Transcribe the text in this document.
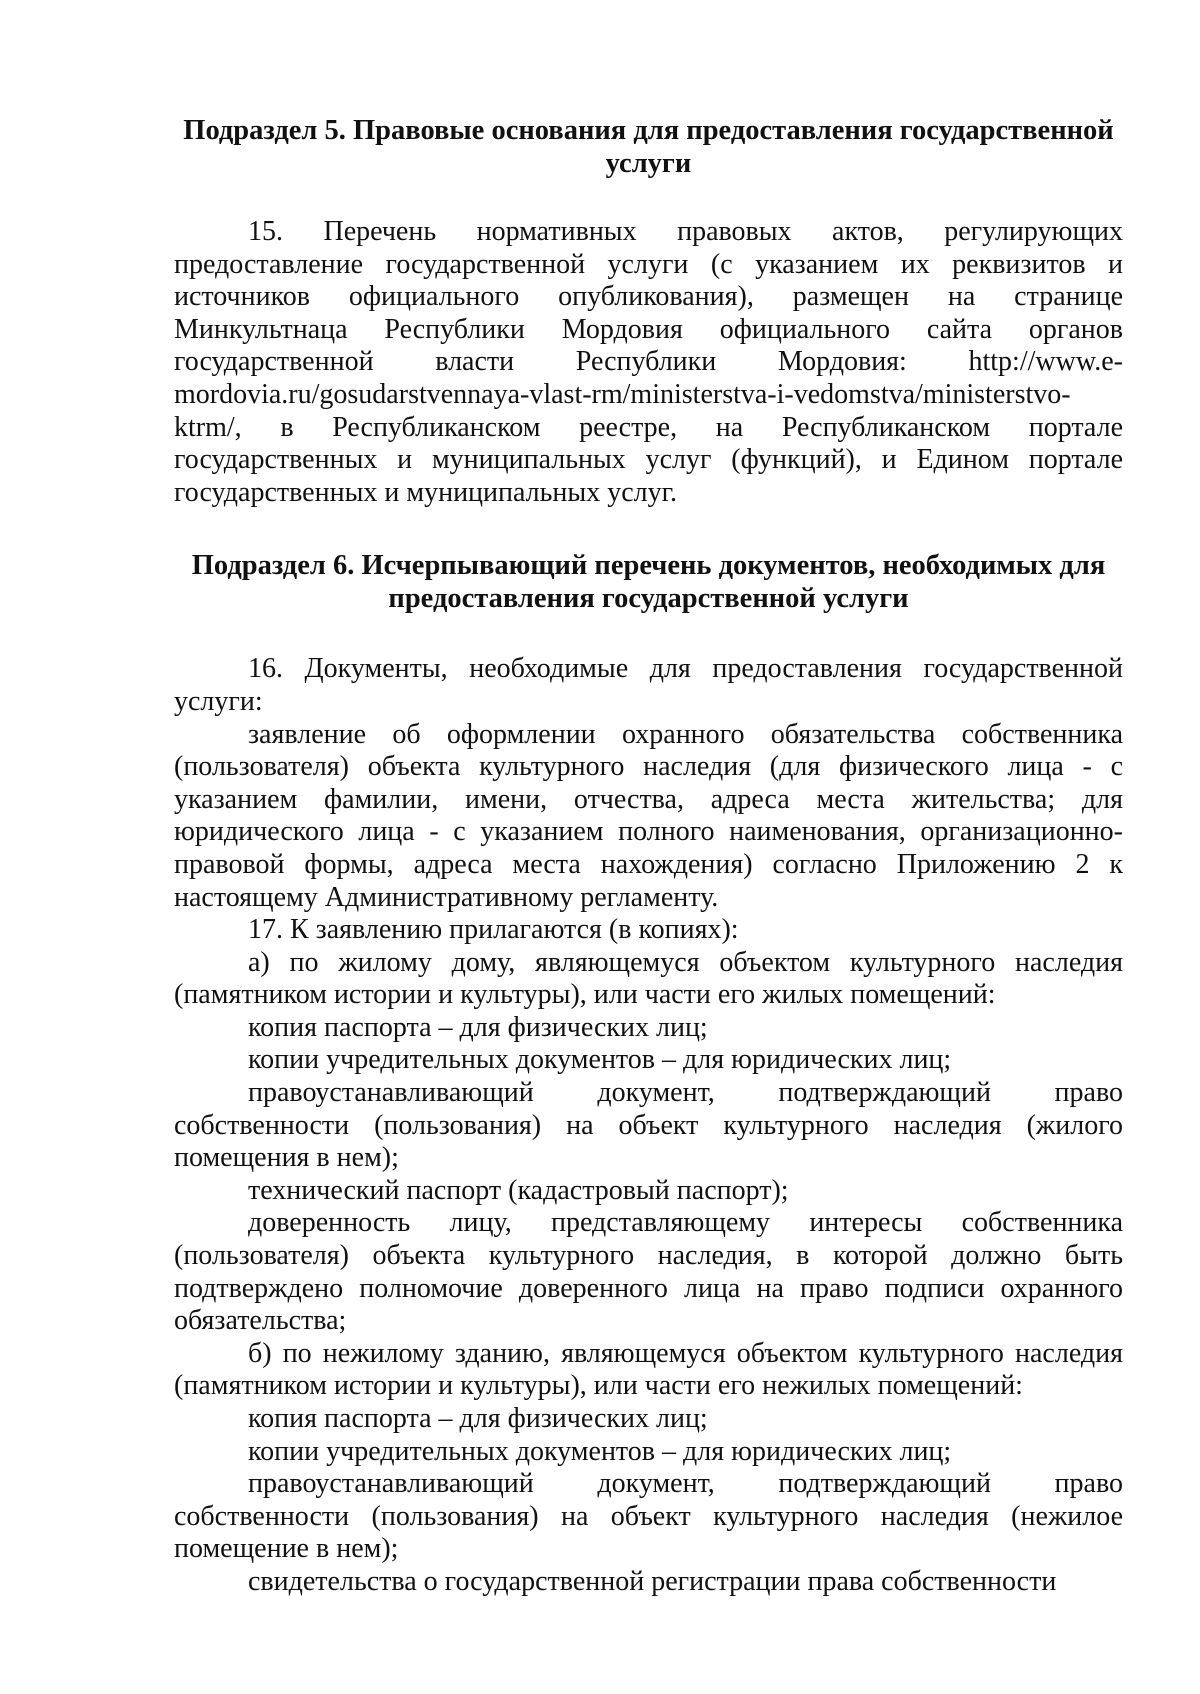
Подраздел 5. Правовые основания для предоставления государственной услуги

15. Перечень нормативных правовых актов, регулирующих предоставление государственной услуги (с указанием их реквизитов и источников официального опубликования), размещен на странице Минкультнаца Республики Мордовия официального сайта органов государственной власти Республики Мордовия: http://www.e-mordovia.ru/gosudarstvennaya-vlast-rm/ministerstva-i-vedomstva/ministerstvo-ktrm/, в Республиканском реестре, на Республиканском портале государственных и муниципальных услуг (функций), и Едином портале государственных и муниципальных услуг.

Подраздел 6. Исчерпывающий перечень документов, необходимых для предоставления государственной услуги

16. Документы, необходимые для предоставления государственной услуги:

заявление об оформлении охранного обязательства собственника (пользователя) объекта культурного наследия (для физического лица - с указанием фамилии, имени, отчества, адреса места жительства; для юридического лица - с указанием полного наименования, организационно-правовой формы, адреса места нахождения) согласно Приложению 2 к настоящему Административному регламенту.

17. К заявлению прилагаются (в копиях):

а) по жилому дому, являющемуся объектом культурного наследия (памятником истории и культуры), или части его жилых помещений:

копия паспорта – для физических лиц;

копии учредительных документов – для юридических лиц;

правоустанавливающий документ, подтверждающий право собственности (пользования) на объект культурного наследия (жилого помещения в нем);

технический паспорт (кадастровый паспорт);

доверенность лицу, представляющему интересы собственника (пользователя) объекта культурного наследия, в которой должно быть подтверждено полномочие доверенного лица на право подписи охранного обязательства;

б) по нежилому зданию, являющемуся объектом культурного наследия (памятником истории и культуры), или части его нежилых помещений:

копия паспорта – для физических лиц;

копии учредительных документов – для юридических лиц;

правоустанавливающий документ, подтверждающий право собственности (пользования) на объект культурного наследия (нежилое помещение в нем);

свидетельства о государственной регистрации права собственности
